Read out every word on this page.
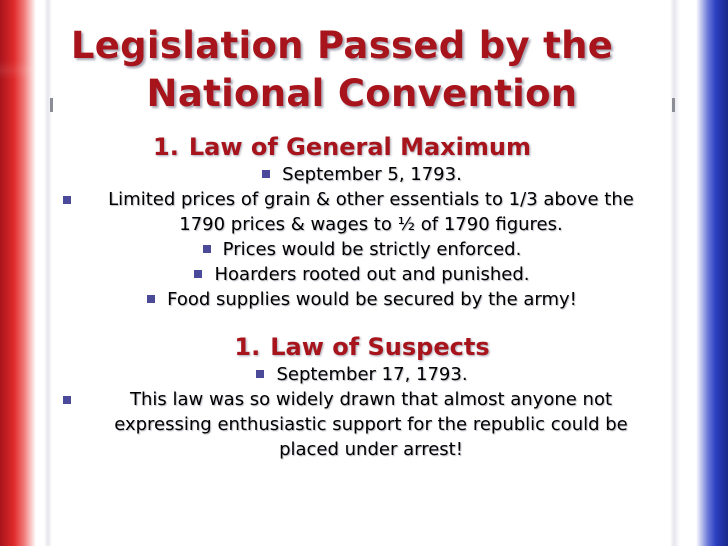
Legislation Passed by the
National Convention
1. Law of General Maximum
September 5, 1793.
Limited prices of grain & other essentials to 1/3 above the 1790 prices & wages to ½ of 1790 figures.
Prices would be strictly enforced.
Hoarders rooted out and punished.
Food supplies would be secured by the army!
1. Law of Suspects
September 17, 1793.
This law was so widely drawn that almost anyone not expressing enthusiastic support for the republic could be placed under arrest!
